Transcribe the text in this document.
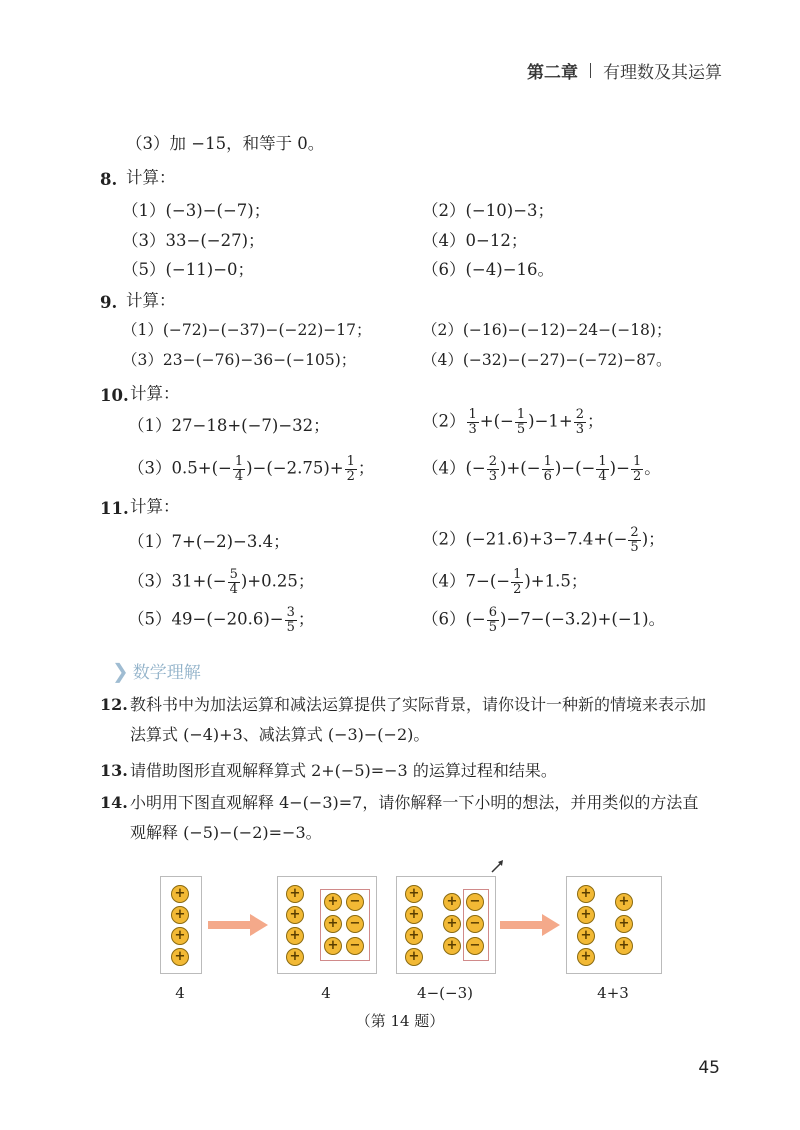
第二章 有理数及其运算
（3）加 −15，和等于 0。
8. 计算：
（1）(−3)−(−7)；	（2）(−10)−3；
（3）33−(−27)；	（4）0−12；
（5）(−11)−0；	（6）(−4)−16。
9. 计算：
（1）(−72)−(−37)−(−22)−17；	（2）(−16)−(−12)−24−(−18)；
（3）23−(−76)−36−(−105)；	（4）(−32)−(−27)−(−72)−87。
10. 计算：
（1）27−18+(−7)−32；	$(2) \frac{1}{3}$ +(− $\frac{1}{5} )-1+ \frac{2}{3}$ ；
$(3)0.5+(- \frac{1}{4} )-(-2.75)+ \frac{1}{2}$ ；	$(4)(- \frac{2}{3}$ )+(− $\frac{1}{6}$ )−(− $\frac{1}{4}$ )− $\frac{1}{2}$ 。
11. 计算：
（1）7+(−2)−3.4；	$(2)(-21.6)+3-7.4+(- \frac{2}{5}$ )；
$(3)31+(- \frac{5}{4} )+0.25$；	$(4)7-(- \frac{1}{2} )+1.5$；
$(5)49-(-20.6)- \frac{3}{5}$ ；	$(6)(- \frac{6}{5} )-7-(-3.2)+(-1)$。
❯ 数学理解
12. 教科书中为加法运算和减法运算提供了实际背景，请你设计一种新的情境来表示加法算式 (−4)+3、减法算式 (−3)−(−2)。
13. 请借助图形直观解释算式 2+(−5)=−3 的运算过程和结果。
14. 小明用下图直观解释 4−(−3)=7，请你解释一下小明的想法，并用类似的方法直观解释 (−5)−(−2)=−3。
+
+
+
+
+
+
+
+
+ −
+ −
+ −
+
+
+
+
+
+
+
−
−
−
+
+
+
+
+
+
+
4	4	4−(−3)	4+3
（第 14 题）
45
